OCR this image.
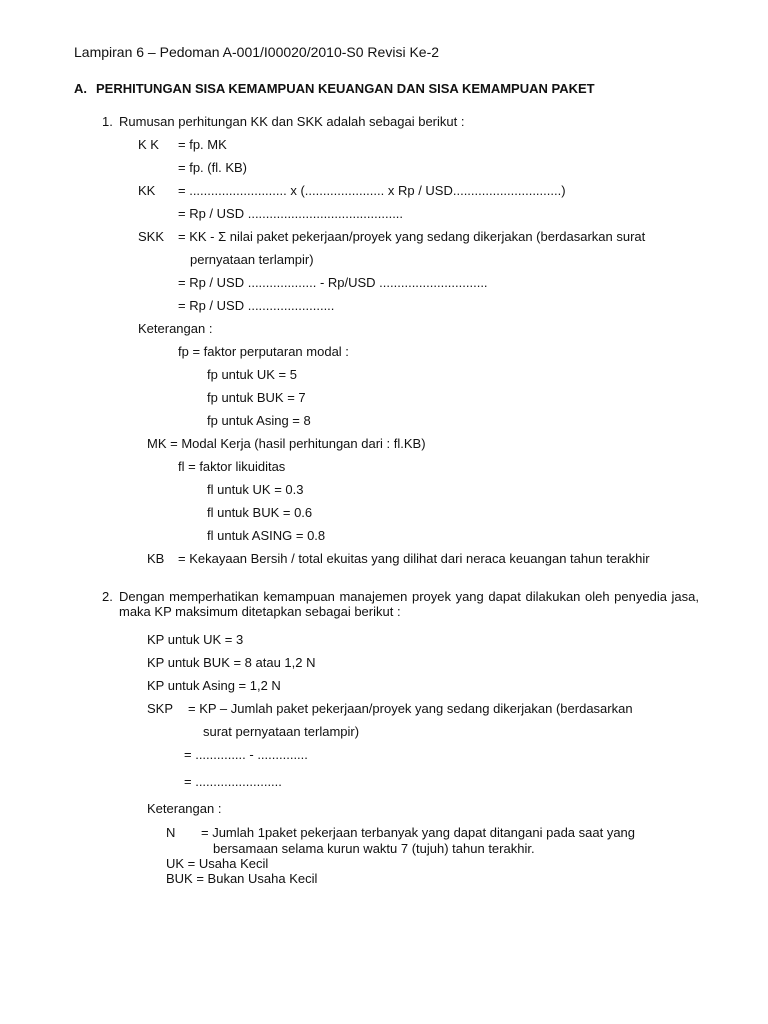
Lampiran 6 – Pedoman A-001/I00020/2010-S0 Revisi Ke-2
A. PERHITUNGAN SISA KEMAMPUAN KEUANGAN DAN SISA KEMAMPUAN PAKET
1. Rumusan perhitungan KK dan SKK adalah sebagai berikut :
K K = fp. MK
= fp. (fl. KB)
KK = ........................... x (...................... x Rp / USD..............................)
= Rp / USD ...........................................
SKK = KK - Σ nilai paket pekerjaan/proyek yang sedang dikerjakan (berdasarkan surat
pernyataan terlampir)
= Rp / USD ................... - Rp/USD ..............................
= Rp / USD ........................
Keterangan :
fp = faktor perputaran modal :
fp untuk UK = 5
fp untuk BUK = 7
fp untuk Asing = 8
MK = Modal Kerja (hasil perhitungan dari : fl.KB)
fl = faktor likuiditas
fl untuk UK = 0.3
fl untuk BUK = 0.6
fl untuk ASING = 0.8
KB = Kekayaan Bersih / total ekuitas yang dilihat dari neraca keuangan tahun terakhir
2. Dengan memperhatikan kemampuan manajemen proyek yang dapat dilakukan oleh penyedia jasa, maka KP maksimum ditetapkan sebagai berikut :
KP untuk UK = 3
KP untuk BUK = 8 atau 1,2 N
KP untuk Asing = 1,2 N
SKP = KP – Jumlah paket pekerjaan/proyek yang sedang dikerjakan (berdasarkan
surat pernyataan terlampir)
= .............. - ..............
= ........................
Keterangan :
N = Jumlah 1paket pekerjaan terbanyak yang dapat ditangani pada saat yang
bersamaan selama kurun waktu 7 (tujuh) tahun terakhir.
UK = Usaha Kecil
BUK = Bukan Usaha Kecil
